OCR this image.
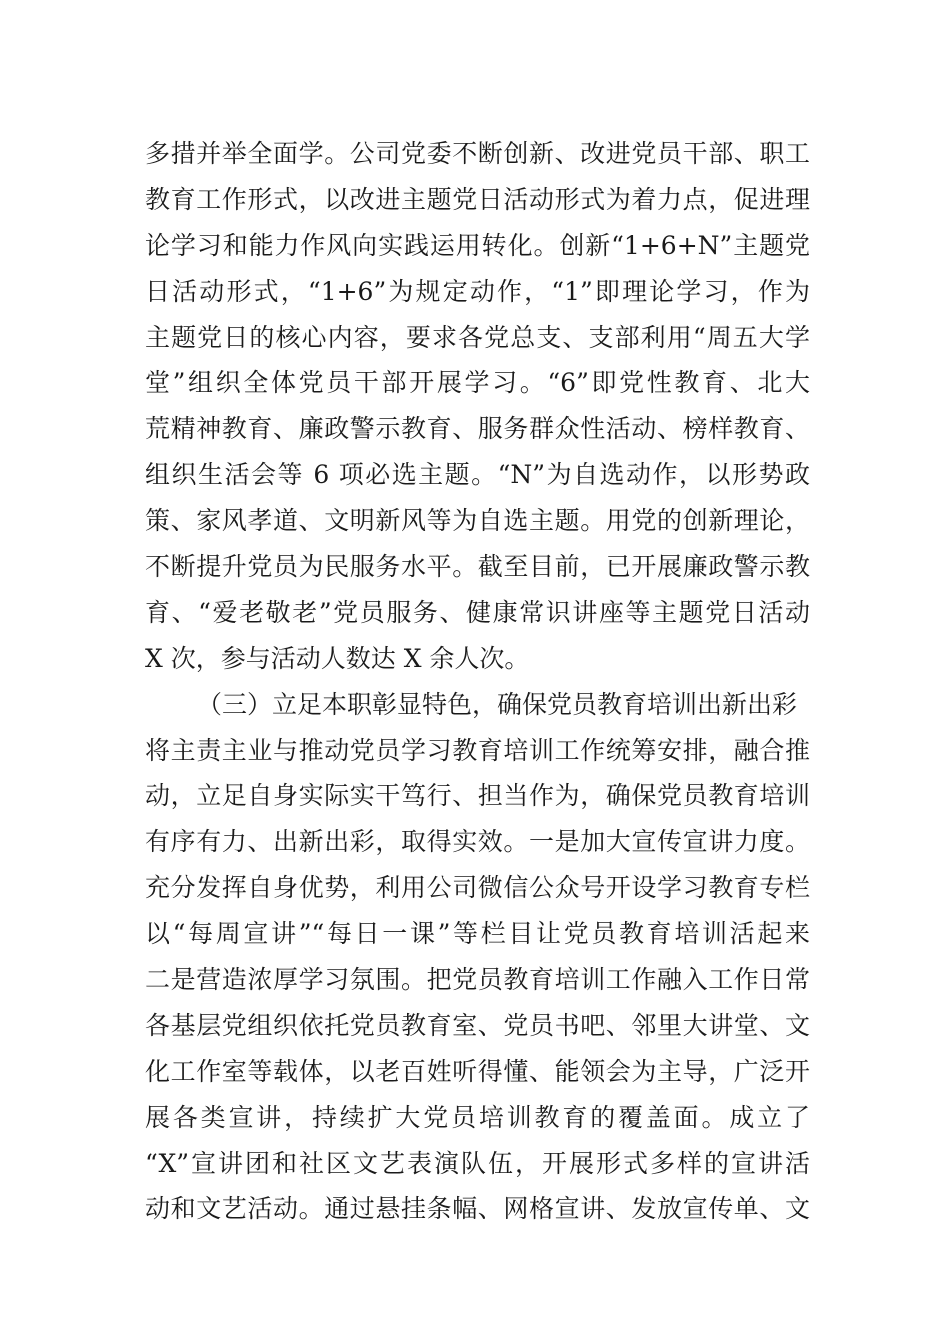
多措并举全面学。公司党委不断创新、改进党员干部、职工
教育工作形式，以改进主题党日活动形式为着力点，促进理
论学习和能力作风向实践运用转化。创新“1+6+N”主题党
日活动形式，“1+6”为规定动作，“1”即理论学习，作为
主题党日的核心内容，要求各党总支、支部利用“周五大学
堂”组织全体党员干部开展学习。“6”即党性教育、北大
荒精神教育、廉政警示教育、服务群众性活动、榜样教育、
组织生活会等 6 项必选主题。“N”为自选动作，以形势政
策、家风孝道、文明新风等为自选主题。用党的创新理论，
不断提升党员为民服务水平。截至目前，已开展廉政警示教
育、“爱老敬老”党员服务、健康常识讲座等主题党日活动
X 次，参与活动人数达 X 余人次。
（三）立足本职彰显特色，确保党员教育培训出新出彩
将主责主业与推动党员学习教育培训工作统筹安排，融合推
动，立足自身实际实干笃行、担当作为，确保党员教育培训
有序有力、出新出彩，取得实效。一是加大宣传宣讲力度。
充分发挥自身优势，利用公司微信公众号开设学习教育专栏
以“每周宣讲”“每日一课”等栏目让党员教育培训活起来
二是营造浓厚学习氛围。把党员教育培训工作融入工作日常
各基层党组织依托党员教育室、党员书吧、邻里大讲堂、文
化工作室等载体，以老百姓听得懂、能领会为主导，广泛开
展各类宣讲，持续扩大党员培训教育的覆盖面。成立了
“X”宣讲团和社区文艺表演队伍，开展形式多样的宣讲活
动和文艺活动。通过悬挂条幅、网格宣讲、发放宣传单、文
